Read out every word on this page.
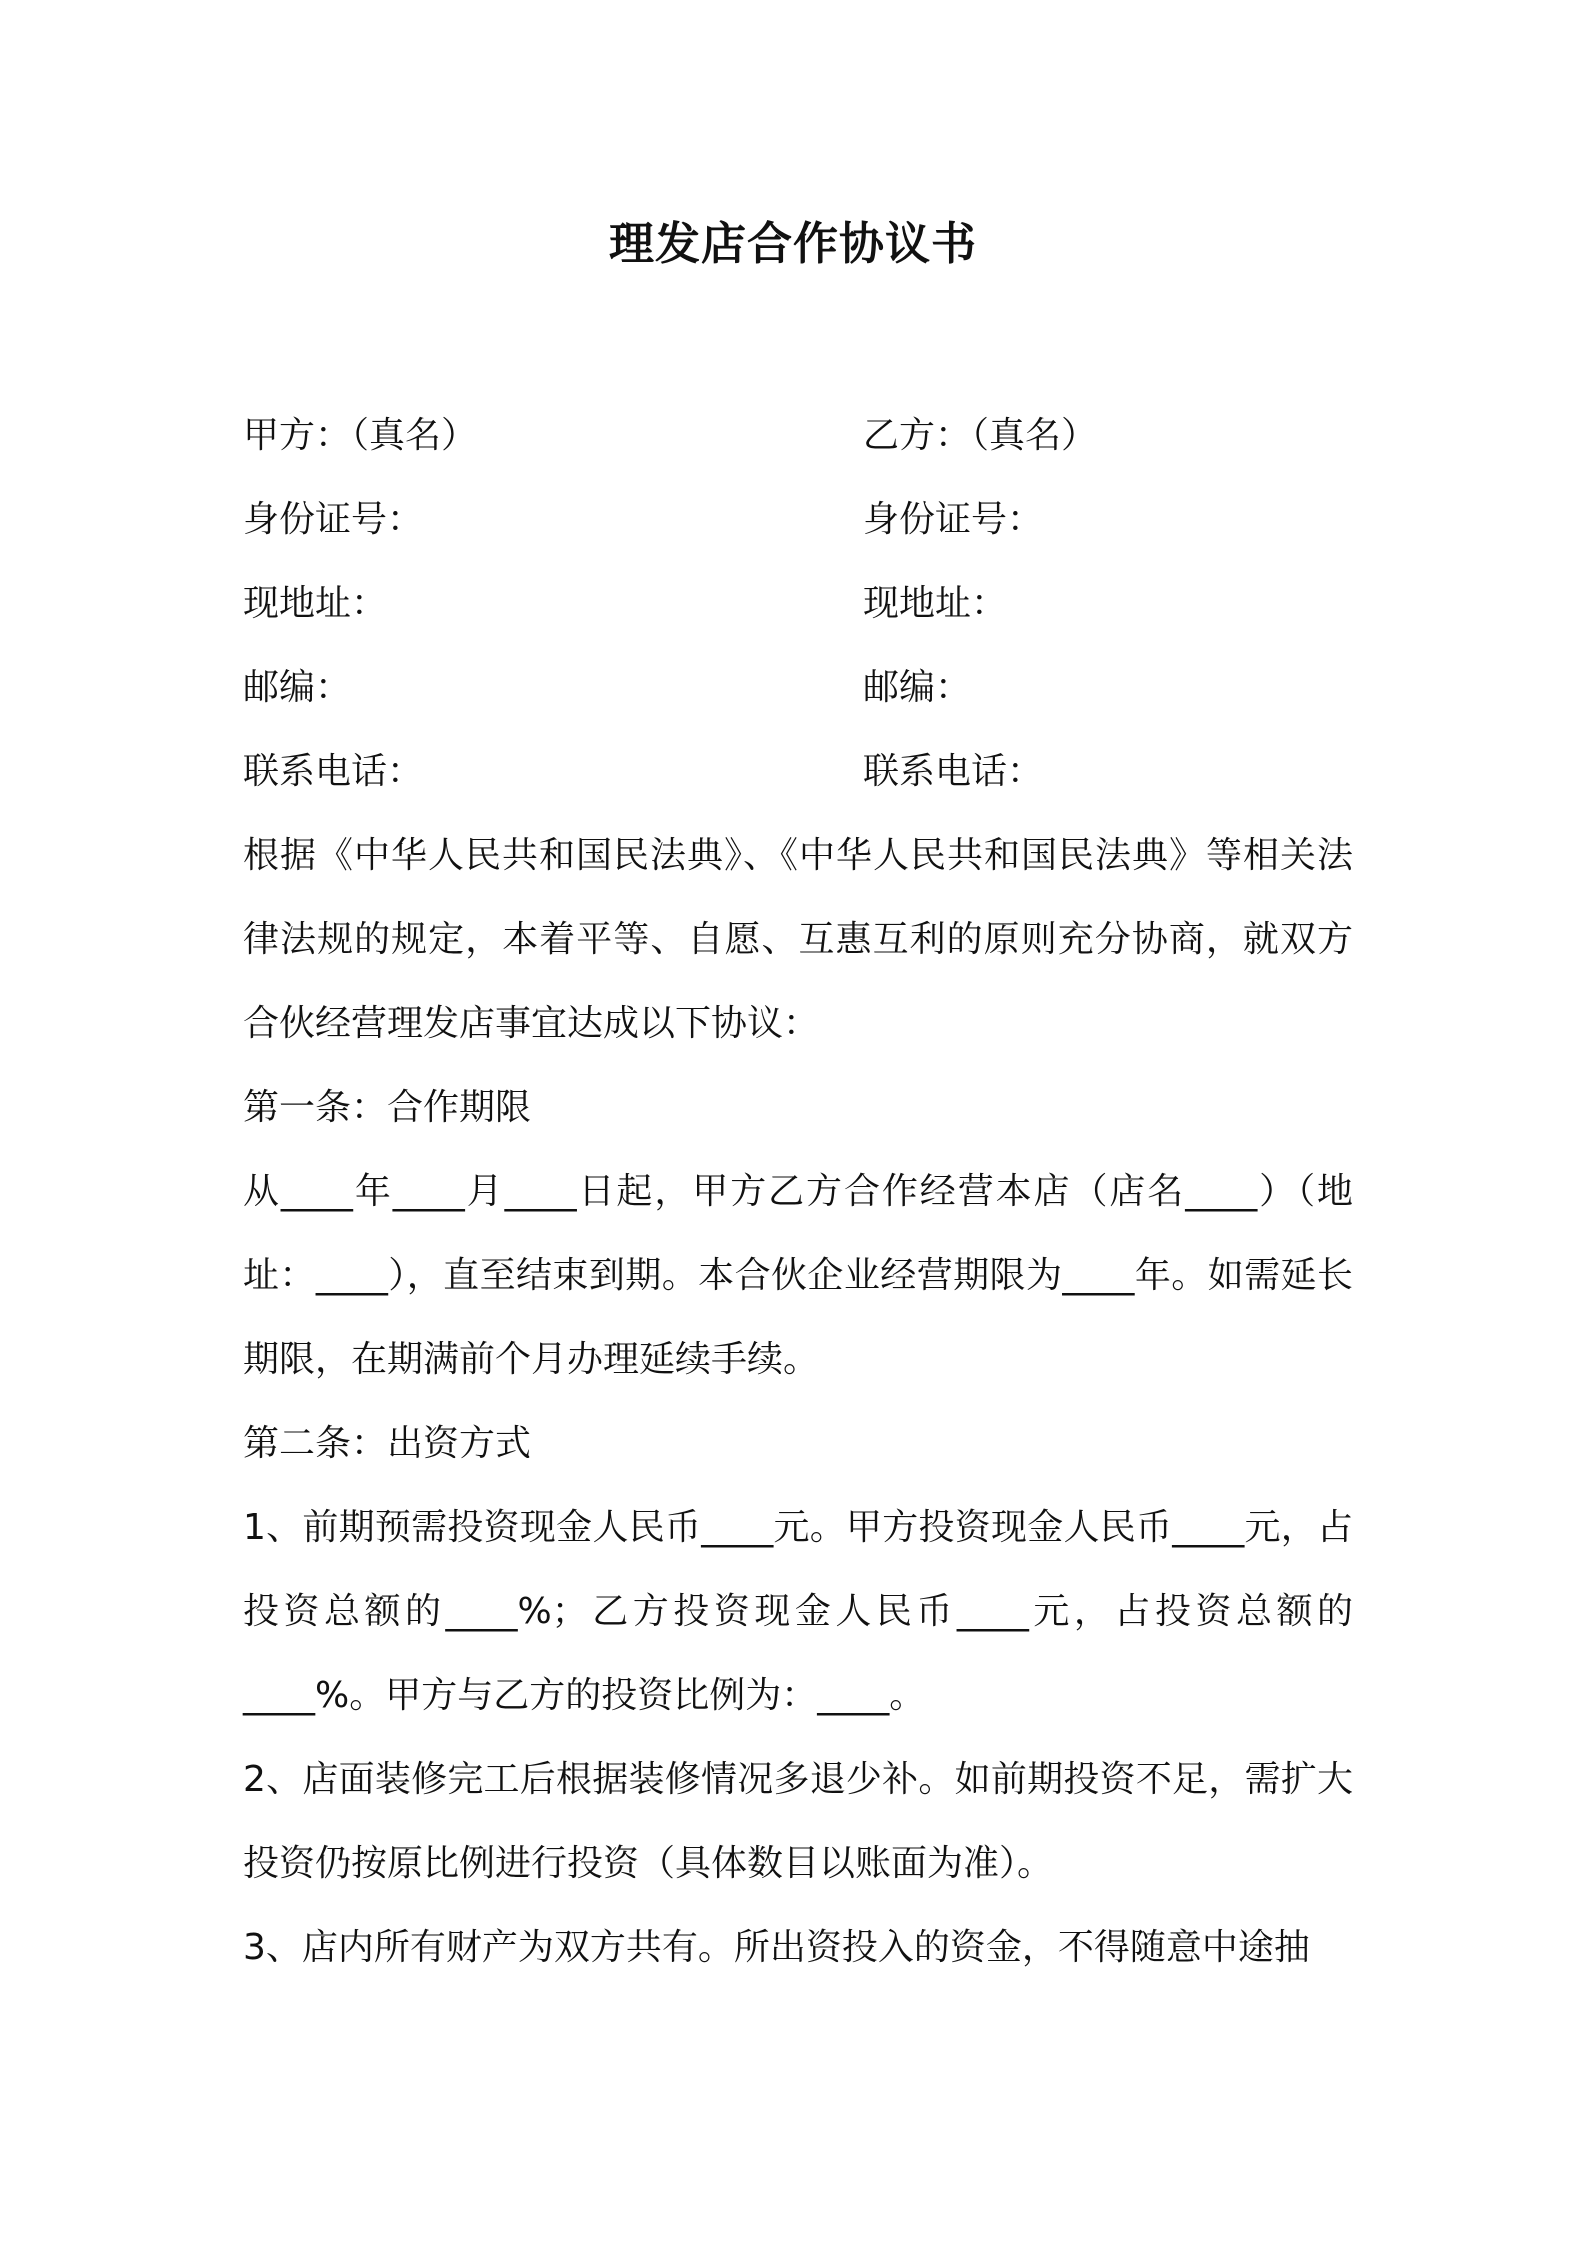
理发店合作协议书
甲方：（真名）	乙方：（真名）
身份证号：	身份证号：
现地址：	现地址：
邮编：	邮编：
联系电话：	联系电话：

根据《中华人民共和国民法典》、《中华人民共和国民法典》等相关法律法规的规定，本着平等、自愿、互惠互利的原则充分协商，就双方合伙经营理发店事宜达成以下协议：

第一条：合作期限

从____年____月____日起，甲方乙方合作经营本店（店名____）（地址：____），直至结束到期。本合伙企业经营期限为____年。如需延长期限，在期满前个月办理延续手续。

第二条：出资方式

1、前期预需投资现金人民币____元。甲方投资现金人民币____元，占投资总额的____%；乙方投资现金人民币____元，占投资总额的____%。甲方与乙方的投资比例为：____。

2、店面装修完工后根据装修情况多退少补。如前期投资不足，需扩大投资仍按原比例进行投资（具体数目以账面为准）。

3、店内所有财产为双方共有。所出资投入的资金，不得随意中途抽
